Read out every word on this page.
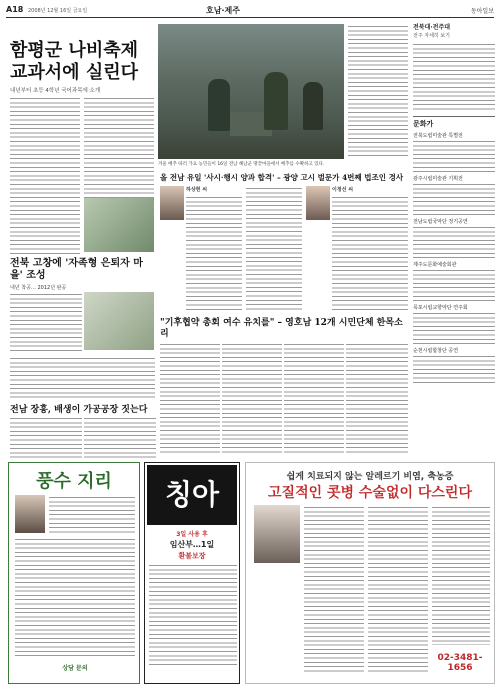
A18 2008년 12월 16일 금요일	호남·제주	동아일보
함평군 나비축제 교과서에 실린다
내년부터 초등 4학년 국어과목에 소개
겨울 배추 따러 가요 농민들이 16일 전남 해남군 땅끝마을에서 배추를 수확하고 있다.
전북 고창에 '자족형 은퇴자 마을' 조성
내년 착공… 2012년 완공
전남 장흥, 배생이 가공공장 짓는다
올 전남 유일 '사시·행시 양과 합격' – 광양 고시 벌문가 4번째 법조인 경사
하상현 씨	이정선 씨
"기후협약 총회 여수 유치를" – 영호남 12개 시민단체 한목소리
전북대·전주대
전주 자세히 보기
문화가
전북도립미술관 특별전
광주시립미술관 기획전
전남도립국악단 정기공연
제주도문화예술회관
목포시립교향악단 연주회
순천시립합창단 공연
풍수 지리
상담 문의
칭아
3일 사용 후
임산부…1일
환불보장
쉽게 치료되지 않는 알레르기 비염, 축농증
고질적인 콧병 수술없이 다스린다
02-3481-1656
